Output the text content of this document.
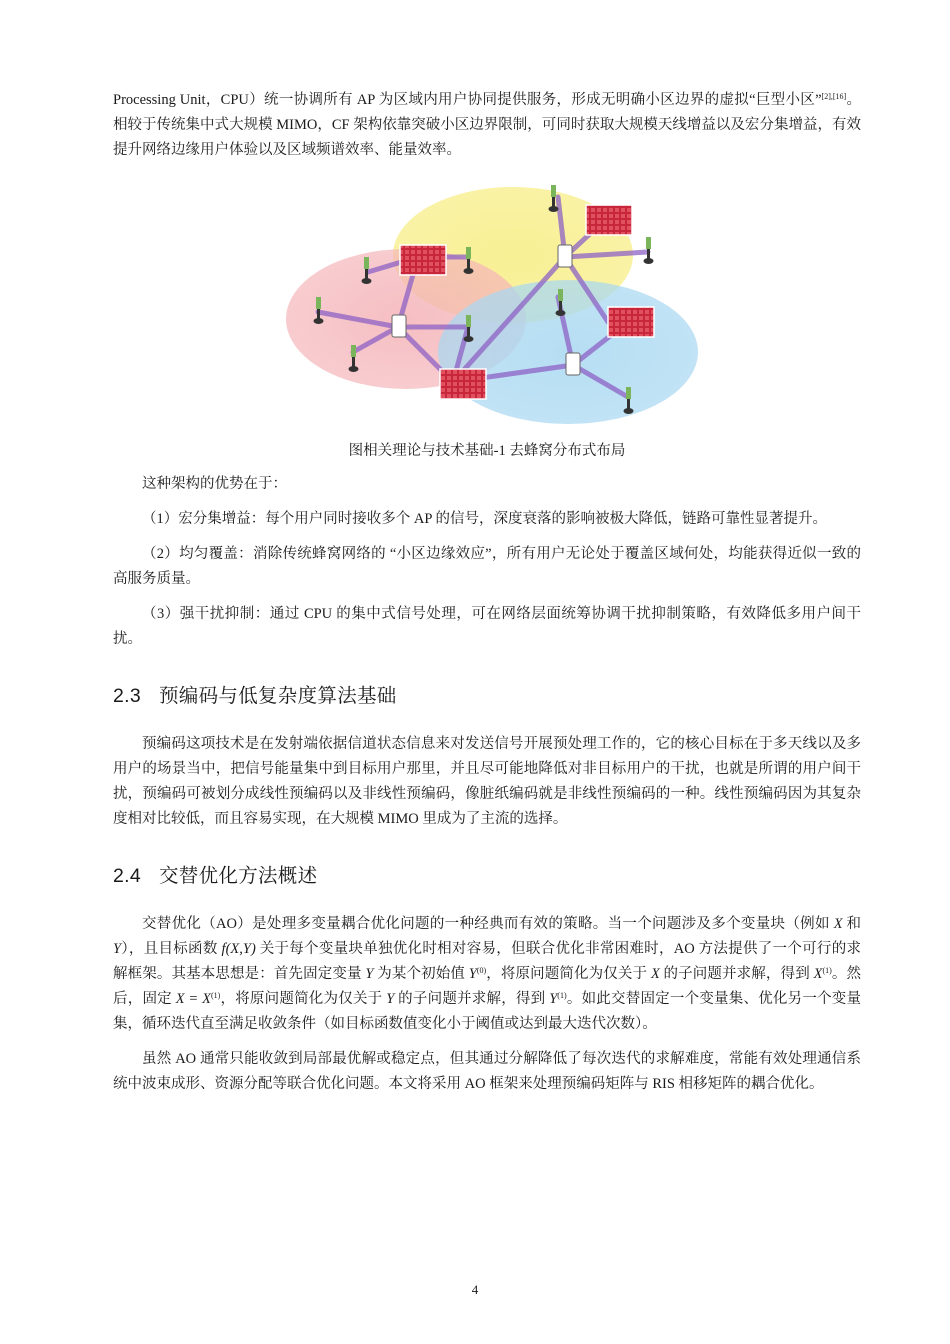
Processing Unit，CPU）统一协调所有 AP 为区域内用户协同提供服务，形成无明确小区边界的虚拟“巨型小区”[2],[16]。相较于传统集中式大规模 MIMO，CF 架构依靠突破小区边界限制，可同时获取大规模天线增益以及宏分集增益，有效提升网络边缘用户体验以及区域频谱效率、能量效率。

图相关理论与技术基础-1 去蜂窝分布式布局

这种架构的优势在于：

（1）宏分集增益：每个用户同时接收多个 AP 的信号，深度衰落的影响被极大降低，链路可靠性显著提升。

（2）均匀覆盖：消除传统蜂窝网络的 “小区边缘效应”，所有用户无论处于覆盖区域何处，均能获得近似一致的高服务质量。

（3）强干扰抑制：通过 CPU 的集中式信号处理，可在网络层面统筹协调干扰抑制策略，有效降低多用户间干扰。

2.3 预编码与低复杂度算法基础

预编码这项技术是在发射端依据信道状态信息来对发送信号开展预处理工作的，它的核心目标在于多天线以及多用户的场景当中，把信号能量集中到目标用户那里，并且尽可能地降低对非目标用户的干扰，也就是所谓的用户间干扰，预编码可被划分成线性预编码以及非线性预编码，像脏纸编码就是非线性预编码的一种。线性预编码因为其复杂度相对比较低，而且容易实现，在大规模 MIMO 里成为了主流的选择。

2.4 交替优化方法概述

交替优化（AO）是处理多变量耦合优化问题的一种经典而有效的策略。当一个问题涉及多个变量块（例如 X 和 Y），且目标函数 f(X,Y) 关于每个变量块单独优化时相对容易，但联合优化非常困难时，AO 方法提供了一个可行的求解框架。其基本思想是：首先固定变量 Y 为某个初始值 $Y^{(0)}$，将原问题简化为仅关于 X 的子问题并求解，得到 $X^{(1)}$。然后，固定 $X = X^{(1)}$，将原问题简化为仅关于 Y 的子问题并求解，得到 $Y^{(1)}$。如此交替固定一个变量集、优化另一个变量集，循环迭代直至满足收敛条件（如目标函数值变化小于阈值或达到最大迭代次数）。

虽然 AO 通常只能收敛到局部最优解或稳定点，但其通过分解降低了每次迭代的求解难度，常能有效处理通信系统中波束成形、资源分配等联合优化问题。本文将采用 AO 框架来处理预编码矩阵与 RIS 相移矩阵的耦合优化。

4
